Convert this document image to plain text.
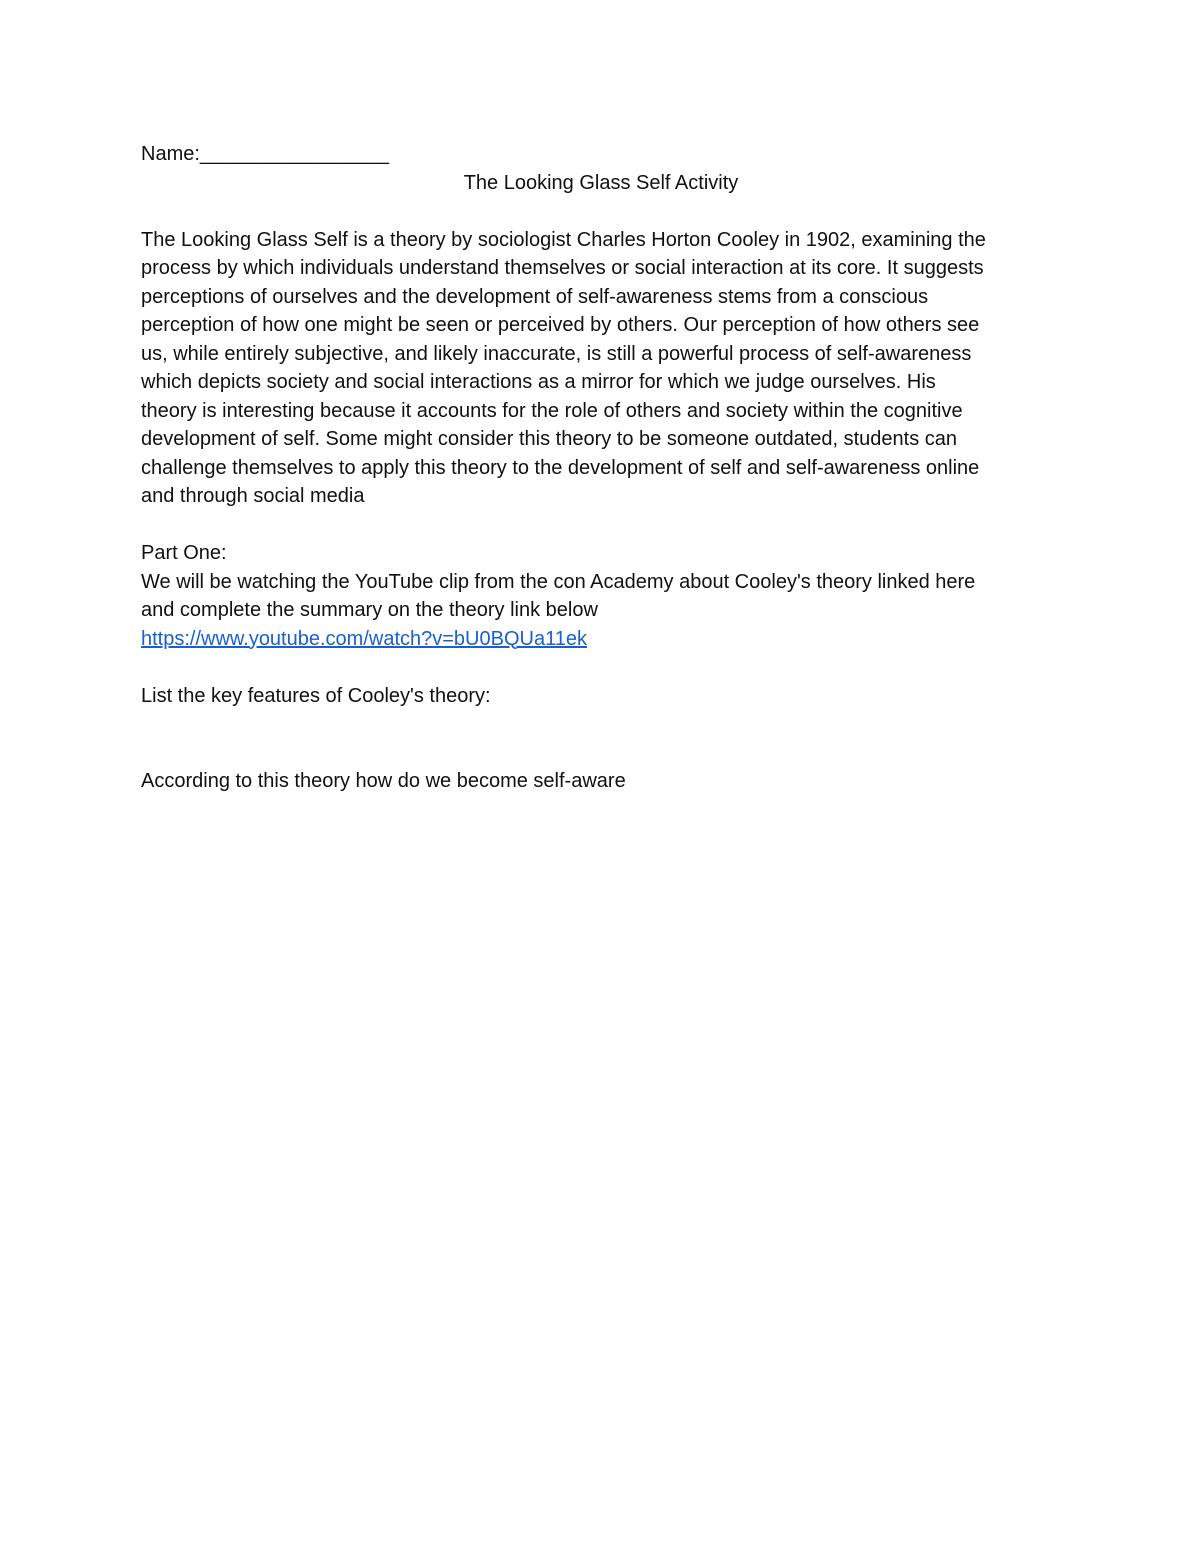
Name:_________________
The Looking Glass Self Activity
The Looking Glass Self is a theory by sociologist Charles Horton Cooley in 1902, examining the
process by which individuals understand themselves or social interaction at its core. It suggests
perceptions of ourselves and the development of self-awareness stems from a conscious
perception of how one might be seen or perceived by others. Our perception of how others see
us, while entirely subjective, and likely inaccurate, is still a powerful process of self-awareness
which depicts society and social interactions as a mirror for which we judge ourselves. His
theory is interesting because it accounts for the role of others and society within the cognitive
development of self. Some might consider this theory to be someone outdated, students can
challenge themselves to apply this theory to the development of self and self-awareness online
and through social media
Part One:
We will be watching the YouTube clip from the con Academy about Cooley's theory linked here
and complete the summary on the theory link below
https://www.youtube.com/watch?v=bU0BQUa11ek
List the key features of Cooley's theory:
According to this theory how do we become self-aware
